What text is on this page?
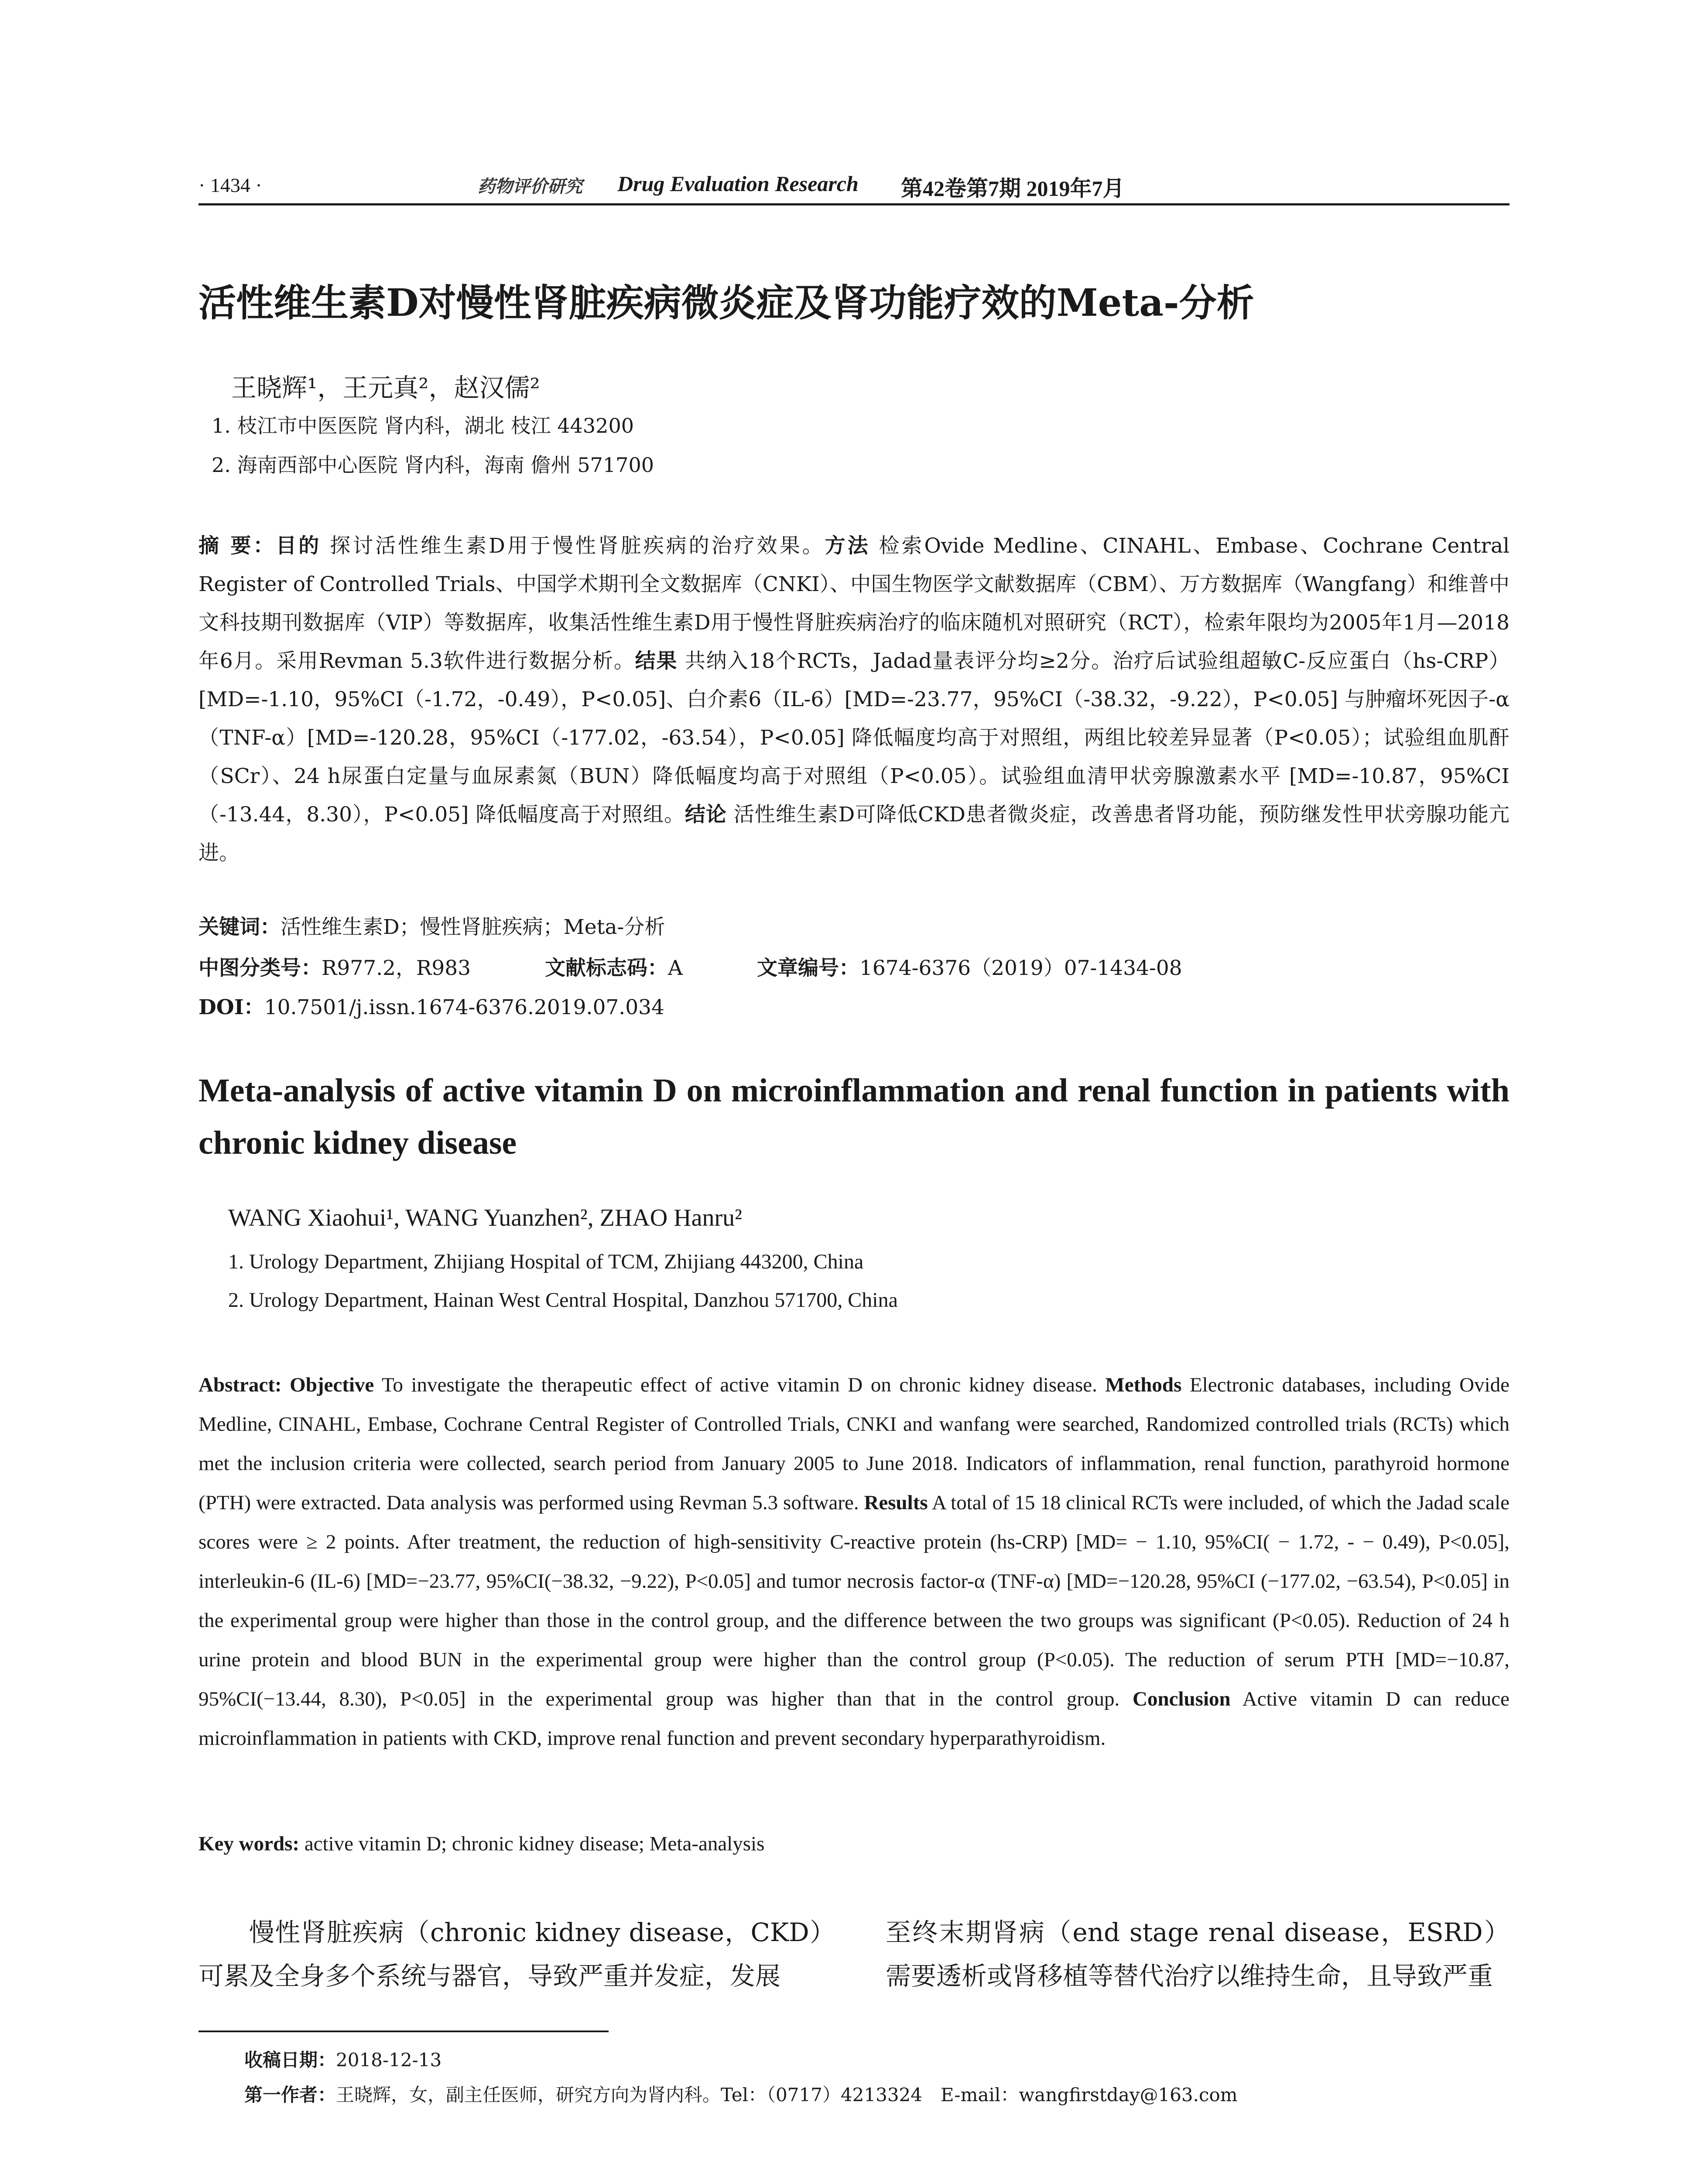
· 1434 ·	药物评价研究 Drug Evaluation Research 第42卷第7期 2019年7月
活性维生素D对慢性肾脏疾病微炎症及肾功能疗效的Meta-分析
王晓辉¹，王元真²，赵汉儒²
1. 枝江市中医医院 肾内科，湖北 枝江 443200
2. 海南西部中心医院 肾内科，海南 儋州 571700
摘 要：目的 探讨活性维生素D用于慢性肾脏疾病的治疗效果。方法 检索Ovide Medline、CINAHL、Embase、Cochrane Central Register of Controlled Trials、中国学术期刊全文数据库（CNKI）、中国生物医学文献数据库（CBM）、万方数据库（Wangfang）和维普中文科技期刊数据库（VIP）等数据库，收集活性维生素D用于慢性肾脏疾病治疗的临床随机对照研究（RCT），检索年限均为2005年1月—2018年6月。采用Revman 5.3软件进行数据分析。结果 共纳入18个RCTs，Jadad量表评分均≥2分。治疗后试验组超敏C-反应蛋白（hs-CRP）[MD=-1.10，95%CI（-1.72，-0.49），P<0.05]、白介素6（IL-6）[MD=-23.77，95%CI（-38.32，-9.22），P<0.05] 与肿瘤坏死因子-α（TNF-α）[MD=-120.28，95%CI（-177.02，-63.54），P<0.05] 降低幅度均高于对照组，两组比较差异显著（P<0.05）；试验组血肌酐（SCr）、24 h尿蛋白定量与血尿素氮（BUN）降低幅度均高于对照组（P<0.05）。试验组血清甲状旁腺激素水平 [MD=-10.87，95%CI（-13.44，8.30），P<0.05] 降低幅度高于对照组。结论 活性维生素D可降低CKD患者微炎症，改善患者肾功能，预防继发性甲状旁腺功能亢进。
关键词：活性维生素D；慢性肾脏疾病；Meta-分析
中图分类号：R977.2，R983	文献标志码：A	文章编号：1674-6376（2019）07-1434-08
DOI：10.7501/j.issn.1674-6376.2019.07.034
Meta-analysis of active vitamin D on microinflammation and renal function in patients with chronic kidney disease
WANG Xiaohui¹, WANG Yuanzhen², ZHAO Hanru²
1. Urology Department, Zhijiang Hospital of TCM, Zhijiang 443200, China
2. Urology Department, Hainan West Central Hospital, Danzhou 571700, China
Abstract: Objective To investigate the therapeutic effect of active vitamin D on chronic kidney disease. Methods Electronic databases, including Ovide Medline, CINAHL, Embase, Cochrane Central Register of Controlled Trials, CNKI and wanfang were searched, Randomized controlled trials (RCTs) which met the inclusion criteria were collected, search period from January 2005 to June 2018. Indicators of inflammation, renal function, parathyroid hormone (PTH) were extracted. Data analysis was performed using Revman 5.3 software. Results A total of 15 18 clinical RCTs were included, of which the Jadad scale scores were ≥ 2 points. After treatment, the reduction of high-sensitivity C-reactive protein (hs-CRP) [MD= − 1.10, 95%CI( − 1.72, - − 0.49), P<0.05], interleukin-6 (IL-6) [MD=−23.77, 95%CI(−38.32, −9.22), P<0.05] and tumor necrosis factor-α (TNF-α) [MD=−120.28, 95%CI (−177.02, −63.54), P<0.05] in the experimental group were higher than those in the control group, and the difference between the two groups was significant (P<0.05). Reduction of 24 h urine protein and blood BUN in the experimental group were higher than the control group (P<0.05). The reduction of serum PTH [MD=−10.87, 95%CI(−13.44, 8.30), P<0.05] in the experimental group was higher than that in the control group. Conclusion Active vitamin D can reduce microinflammation in patients with CKD, improve renal function and prevent secondary hyperparathyroidism.
Key words: active vitamin D; chronic kidney disease; Meta-analysis
慢性肾脏疾病（chronic kidney disease，CKD）可累及全身多个系统与器官，导致严重并发症，发展
至终末期肾病（end stage renal disease，ESRD）需要透析或肾移植等替代治疗以维持生命，且导致严重
收稿日期：2018-12-13
第一作者：王晓辉，女，副主任医师，研究方向为肾内科。Tel：（0717）4213324　E-mail：wangfirstday@163.com
